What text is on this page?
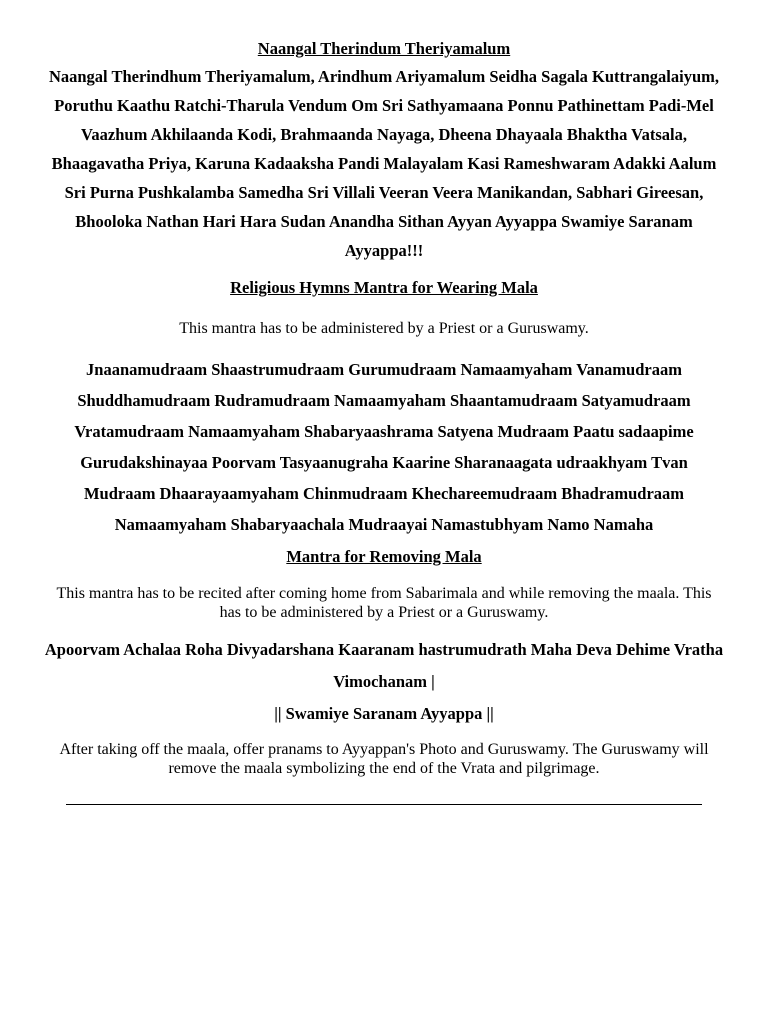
Naangal Therindum Theriyamalum

Naangal Therindhum Theriyamalum, Arindhum Ariyamalum Seidha Sagala Kuttrangalaiyum,
Poruthu Kaathu Ratchi-Tharula Vendum Om Sri Sathyamaana Ponnu Pathinettam Padi-Mel
Vaazhum Akhilaanda Kodi, Brahmaanda Nayaga, Dheena Dhayaala Bhaktha Vatsala,
Bhaagavatha Priya, Karuna Kadaaksha Pandi Malayalam Kasi Rameshwaram Adakki Aalum
Sri Purna Pushkalamba Samedha Sri Villali Veeran Veera Manikandan, Sabhari Gireesan,
Bhooloka Nathan Hari Hara Sudan Anandha Sithan Ayyan Ayyappa Swamiye Saranam
Ayyappa!!!

Religious Hymns Mantra for Wearing Mala

This mantra has to be administered by a Priest or a Guruswamy.

Jnaanamudraam Shaastrumudraam Gurumudraam Namaamyaham Vanamudraam
Shuddhamudraam Rudramudraam Namaamyaham Shaantamudraam Satyamudraam
Vratamudraam Namaamyaham Shabaryaashrama Satyena Mudraam Paatu sadaapime
Gurudakshinayaa Poorvam Tasyaanugraha Kaarine Sharanaagata udraakhyam Tvan
Mudraam Dhaarayaamyaham Chinmudraam Khechareemudraam Bhadramudraam
Namaamyaham Shabaryaachala Mudraayai Namastubhyam Namo Namaha

Mantra for Removing Mala

This mantra has to be recited after coming home from Sabarimala and while removing the maala. This
has to be administered by a Priest or a Guruswamy.

Apoorvam Achalaa Roha Divyadarshana Kaaranam hastrumudrath Maha Deva Dehime Vratha
Vimochanam |
|| Swamiye Saranam Ayyappa ||

After taking off the maala, offer pranams to Ayyappan's Photo and Guruswamy. The Guruswamy will
remove the maala symbolizing the end of the Vrata and pilgrimage.
